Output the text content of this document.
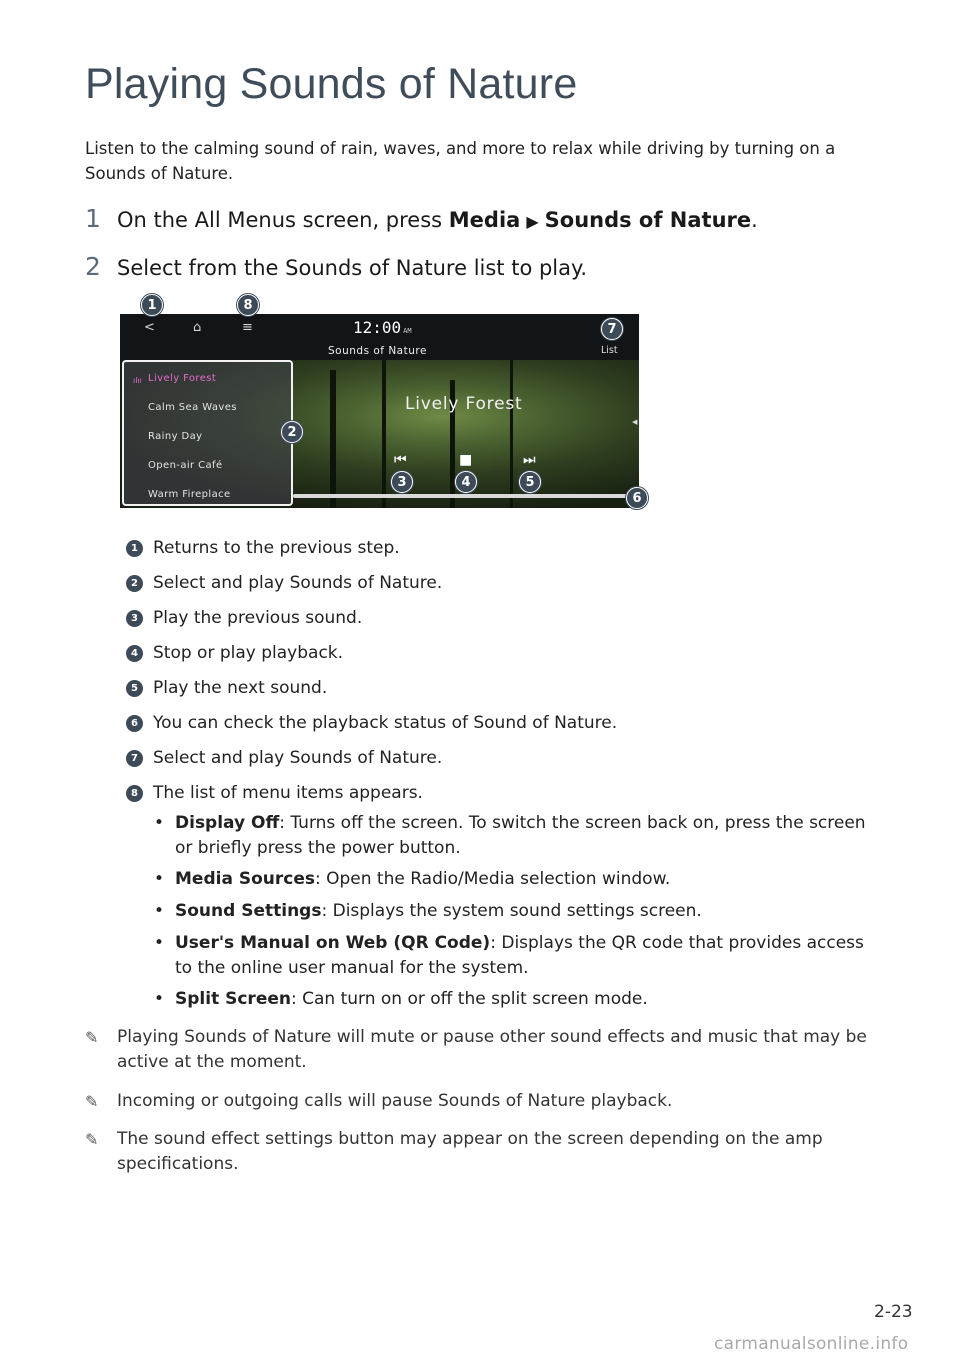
Playing Sounds of Nature
Listen to the calming sound of rain, waves, and more to relax while driving by turning on a Sounds of Nature.
1 On the All Menus screen, press Media ▶ Sounds of Nature.
2 Select from the Sounds of Nature list to play.
<	⌂	≡	12:00 AM
Sounds of Nature	List
ılıı Lively Forest
Calm Sea Waves
Rainy Day
Open-air Café
Warm Fireplace
Lively Forest
⏮	■	⏭
◀
1	8
7
2
3	4	5
6
1 Returns to the previous step.
2 Select and play Sounds of Nature.
3 Play the previous sound.
4 Stop or play playback.
5 Play the next sound.
6 You can check the playback status of Sound of Nature.
7 Select and play Sounds of Nature.
8 The list of menu items appears.
• Display Off: Turns off the screen. To switch the screen back on, press the screen or briefly press the power button.
• Media Sources: Open the Radio/Media selection window.
• Sound Settings: Displays the system sound settings screen.
• User's Manual on Web (QR Code): Displays the QR code that provides access to the online user manual for the system.
• Split Screen: Can turn on or off the split screen mode.
✎	Playing Sounds of Nature will mute or pause other sound effects and music that may be active at the moment.
✎	Incoming or outgoing calls will pause Sounds of Nature playback.
✎	The sound effect settings button may appear on the screen depending on the amp specifications.
2-23
carmanualsonline.info
